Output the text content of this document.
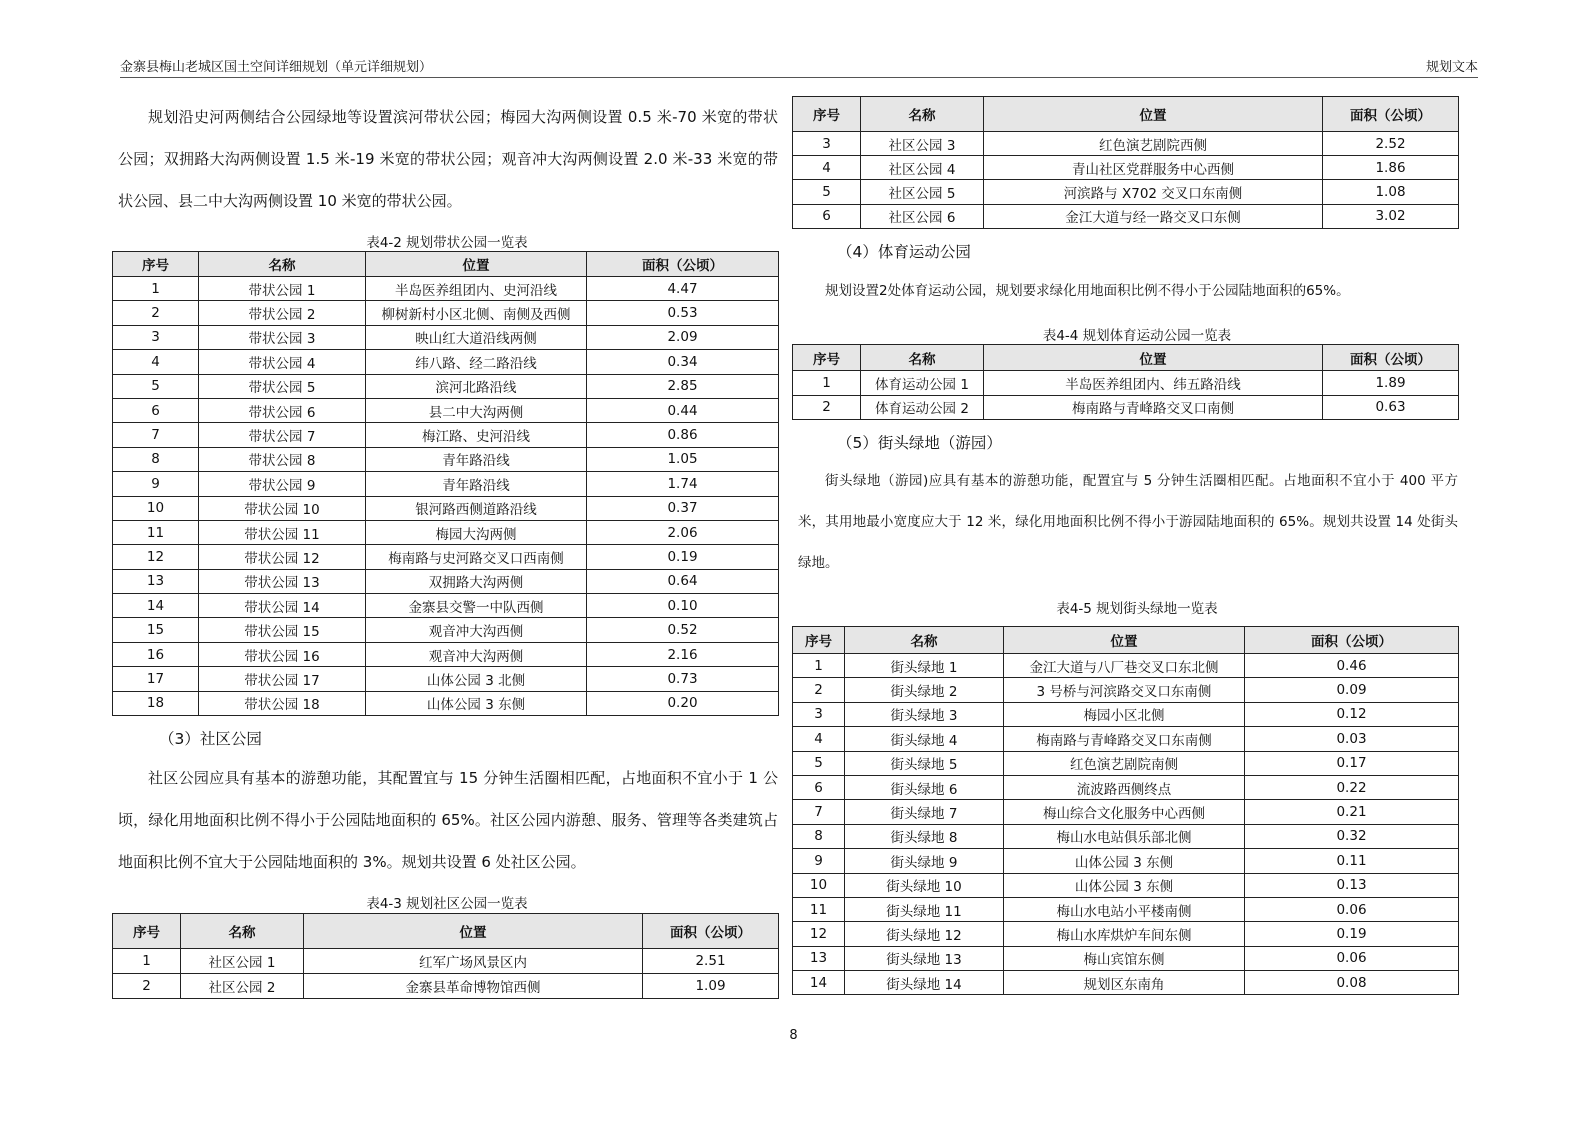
金寨县梅山老城区国土空间详细规划（单元详细规划）	规划文本

规划沿史河两侧结合公园绿地等设置滨河带状公园；梅园大沟两侧设置 0.5 米-70 米宽的带状公园；双拥路大沟两侧设置 1.5 米-19 米宽的带状公园；观音冲大沟两侧设置 2.0 米-33 米宽的带状公园、县二中大沟两侧设置 10 米宽的带状公园。

表4-2 规划带状公园一览表
序号	名称	位置	面积（公顷）
1	带状公园 1	半岛医养组团内、史河沿线	4.47
2	带状公园 2	柳树新村小区北侧、南侧及西侧	0.53
3	带状公园 3	映山红大道沿线两侧	2.09
4	带状公园 4	纬八路、经二路沿线	0.34
5	带状公园 5	滨河北路沿线	2.85
6	带状公园 6	县二中大沟两侧	0.44
7	带状公园 7	梅江路、史河沿线	0.86
8	带状公园 8	青年路沿线	1.05
9	带状公园 9	青年路沿线	1.74
10	带状公园 10	银河路西侧道路沿线	0.37
11	带状公园 11	梅园大沟两侧	2.06
12	带状公园 12	梅南路与史河路交叉口西南侧	0.19
13	带状公园 13	双拥路大沟两侧	0.64
14	带状公园 14	金寨县交警一中队西侧	0.10
15	带状公园 15	观音冲大沟西侧	0.52
16	带状公园 16	观音冲大沟两侧	2.16
17	带状公园 17	山体公园 3 北侧	0.73
18	带状公园 18	山体公园 3 东侧	0.20
（3）社区公园

社区公园应具有基本的游憩功能，其配置宜与 15 分钟生活圈相匹配，占地面积不宜小于 1 公顷，绿化用地面积比例不得小于公园陆地面积的 65%。社区公园内游憩、服务、管理等各类建筑占地面积比例不宜大于公园陆地面积的 3%。规划共设置 6 处社区公园。

表4-3 规划社区公园一览表
序号	名称	位置	面积（公顷）
1	社区公园 1	红军广场风景区内	2.51
2	社区公园 2	金寨县革命博物馆西侧	1.09
序号	名称	位置	面积（公顷）
3	社区公园 3	红色演艺剧院西侧	2.52
4	社区公园 4	青山社区党群服务中心西侧	1.86
5	社区公园 5	河滨路与 X702 交叉口东南侧	1.08
6	社区公园 6	金江大道与经一路交叉口东侧	3.02
（4）体育运动公园

规划设置2处体育运动公园，规划要求绿化用地面积比例不得小于公园陆地面积的65%。

表4-4 规划体育运动公园一览表
序号	名称	位置	面积（公顷）
1	体育运动公园 1	半岛医养组团内、纬五路沿线	1.89
2	体育运动公园 2	梅南路与青峰路交叉口南侧	0.63
（5）街头绿地（游园）

街头绿地（游园)应具有基本的游憩功能，配置宜与 5 分钟生活圈相匹配。占地面积不宜小于 400 平方米，其用地最小宽度应大于 12 米，绿化用地面积比例不得小于游园陆地面积的 65%。规划共设置 14 处街头绿地。

表4-5 规划街头绿地一览表
序号	名称	位置	面积（公顷）
1	街头绿地 1	金江大道与八厂巷交叉口东北侧	0.46
2	街头绿地 2	3 号桥与河滨路交叉口东南侧	0.09
3	街头绿地 3	梅园小区北侧	0.12
4	街头绿地 4	梅南路与青峰路交叉口东南侧	0.03
5	街头绿地 5	红色演艺剧院南侧	0.17
6	街头绿地 6	流波路西侧终点	0.22
7	街头绿地 7	梅山综合文化服务中心西侧	0.21
8	街头绿地 8	梅山水电站俱乐部北侧	0.32
9	街头绿地 9	山体公园 3 东侧	0.11
10	街头绿地 10	山体公园 3 东侧	0.13
11	街头绿地 11	梅山水电站小平楼南侧	0.06
12	街头绿地 12	梅山水库烘炉车间东侧	0.19
13	街头绿地 13	梅山宾馆东侧	0.06
14	街头绿地 14	规划区东南角	0.08
8
